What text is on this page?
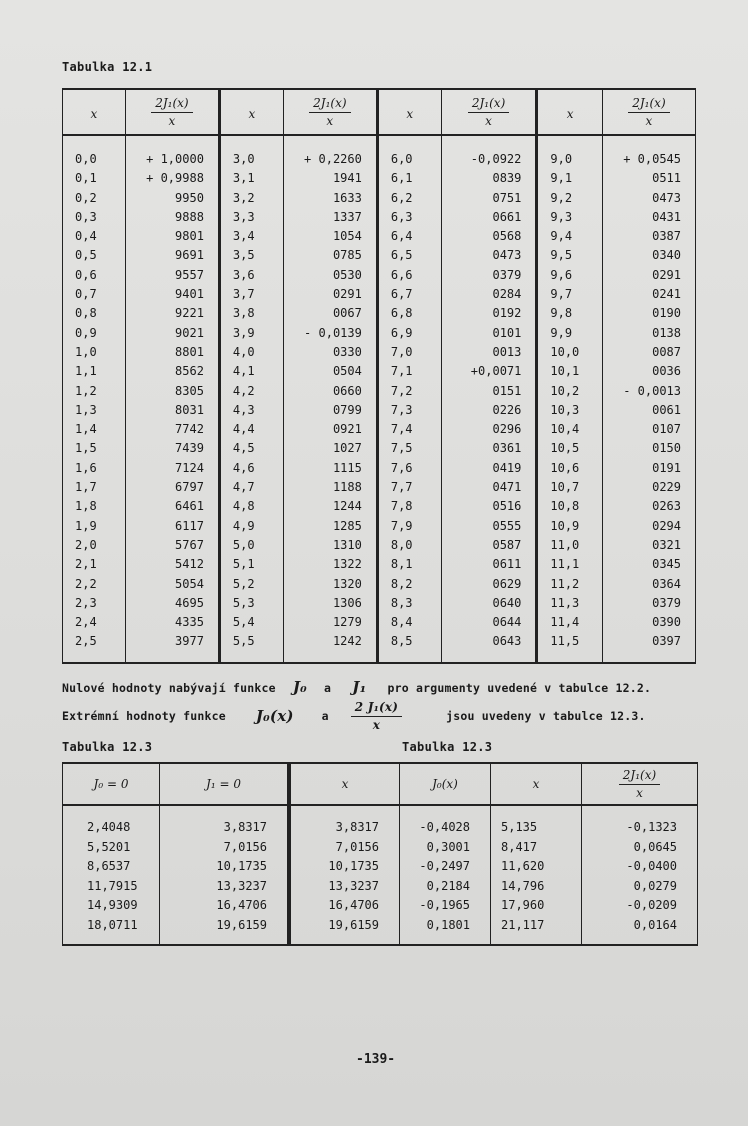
Tabulka 12.1
x	$\frac{\text{2J₁(x)}}{x}$	x	$\frac{\text{2J₁(x)}}{x}$	x	$\frac{\text{2J₁(x)}}{x}$	x	$\frac{\text{2J₁(x)}}{x}$

0,0	+ 1,0000	3,0	+ 0,2260	6,0	-0,0922	9,0	+ 0,0545
0,1	+ 0,9988	3,1	1941	6,1	0839	9,1	0511
0,2	9950	3,2	1633	6,2	0751	9,2	0473
0,3	9888	3,3	1337	6,3	0661	9,3	0431
0,4	9801	3,4	1054	6,4	0568	9,4	0387
0,5	9691	3,5	0785	6,5	0473	9,5	0340
0,6	9557	3,6	0530	6,6	0379	9,6	0291
0,7	9401	3,7	0291	6,7	0284	9,7	0241
0,8	9221	3,8	0067	6,8	0192	9,8	0190
0,9	9021	3,9	- 0,0139	6,9	0101	9,9	0138
1,0	8801	4,0	0330	7,0	0013	10,0	0087
1,1	8562	4,1	0504	7,1	+0,0071	10,1	0036
1,2	8305	4,2	0660	7,2	0151	10,2	- 0,0013
1,3	8031	4,3	0799	7,3	0226	10,3	0061
1,4	7742	4,4	0921	7,4	0296	10,4	0107
1,5	7439	4,5	1027	7,5	0361	10,5	0150
1,6	7124	4,6	1115	7,6	0419	10,6	0191
1,7	6797	4,7	1188	7,7	0471	10,7	0229
1,8	6461	4,8	1244	7,8	0516	10,8	0263
1,9	6117	4,9	1285	7,9	0555	10,9	0294
2,0	5767	5,0	1310	8,0	0587	11,0	0321
2,1	5412	5,1	1322	8,1	0611	11,1	0345
2,2	5054	5,2	1320	8,2	0629	11,2	0364
2,3	4695	5,3	1306	8,3	0640	11,3	0379
2,4	4335	5,4	1279	8,4	0644	11,4	0390
2,5	3977	5,5	1242	8,5	0643	11,5	0397
Nulové hodnoty nabývají funkce J₀ a J₁ pro argumenty uvedené v tabulce 12.2.
Extrémní hodnoty funkce J₀(x) a $\frac{\text{2 J₁(x)}}{x}$	jsou uvedeny v tabulce 12.3.
Tabulka 12.3	Tabulka 12.3
J₀ = 0	J₁ = 0
2,4048	3,8317
5,5201	7,0156
8,6537	10,1735
11,7915	13,3237
14,9309	16,4706
18,0711	19,6159
x	J₀(x)	x	$\frac{\text{2J₁(x)}}{x}$

3,8317	-0,4028	5,135	-0,1323
7,0156	0,3001	8,417	0,0645
10,1735	-0,2497	11,620	-0,0400
13,3237	0,2184	14,796	0,0279
16,4706	-0,1965	17,960	-0,0209
19,6159	0,1801	21,117	0,0164
-139-
